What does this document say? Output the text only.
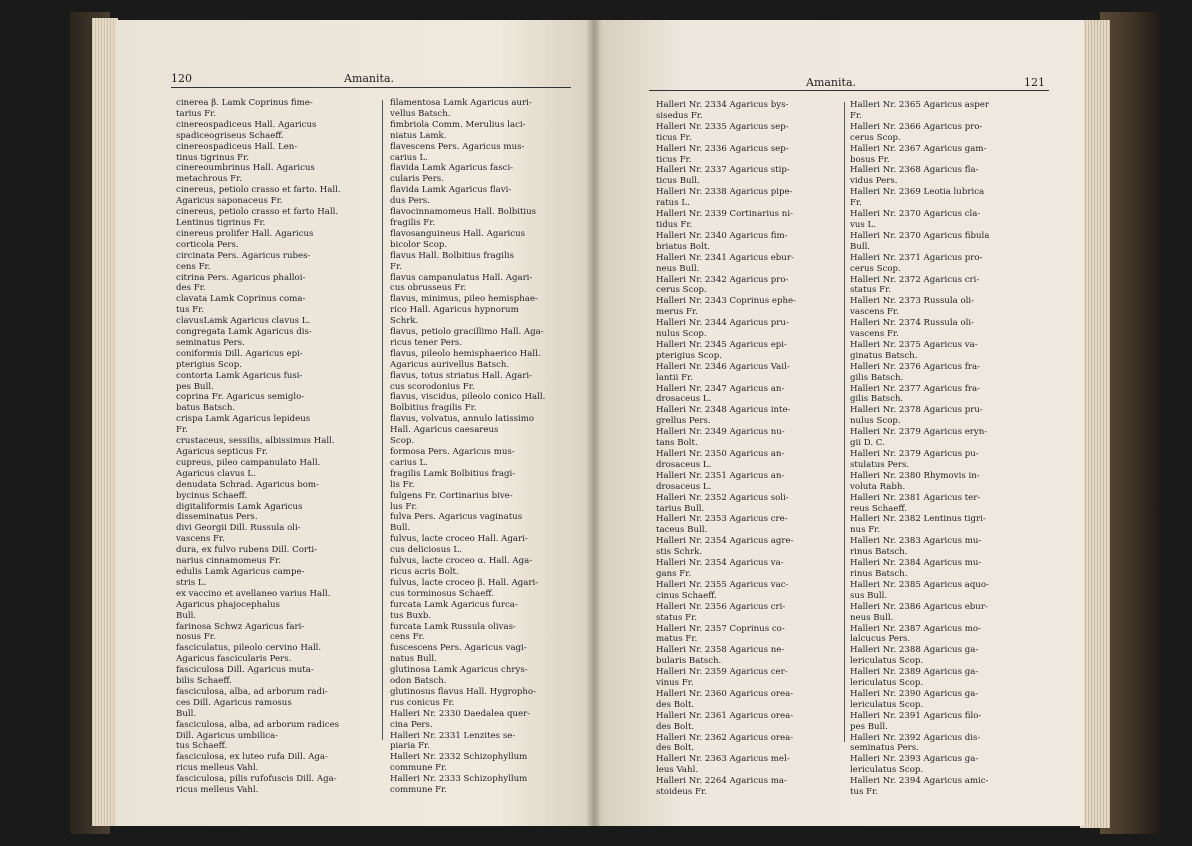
120	Amanita.
cinerea β. Lamk Coprinus fime-
tarius Fr.
cinereospadiceus Hall. Agaricus
spadiceogriseus Schaeff.
cinereospadiceus Hall. Len-
tinus tigrinus Fr.
cinereoumbrinus Hall. Agaricus
metachrous Fr.
cinereus, petiolo crasso et farto. Hall.
Agaricus saponaceus Fr.
cinereus, petiolo crasso et farto Hall.
Lentinus tigrinus Fr.
cinereus prolifer Hall. Agaricus
corticola Pers.
circinata Pers. Agaricus rubes-
cens Fr.
citrina Pers. Agaricus phalloi-
des Fr.
clavata Lamk Coprinus coma-
tus Fr.
clavusLamk Agaricus clavus L.
congregata Lamk Agaricus dis-
seminatus Pers.
coniformis Dill. Agaricus epi-
pterigius Scop.
contorta Lamk Agaricus fusi-
pes Bull.
coprina Fr. Agaricus semiglo-
batus Batsch.
crispa Lamk Agaricus lepideus
Fr.
crustaceus, sessilis, albissimus Hall.
Agaricus septicus Fr.
cupreus, pileo campanulato Hall.
Agaricus clavus L.
denudata Schrad. Agaricus bom-
bycinus Schaeff.
digitaliformis Lamk Agaricus
disseminatus Pers.
divi Georgii Dill. Russula oli-
vascens Fr.
dura, ex fulvo rubens Dill. Corti-
narius cinnamomeus Fr.
edulis Lamk Agaricus campe-
stris L.
ex vaccino et avellaneo varius Hall.
Agaricus phajocephalus
Bull.
farinosa Schwz Agaricus fari-
nosus Fr.
fasciculatus, pileolo cervino Hall.
Agaricus fascicularis Pers.
fasciculosa Dill. Agaricus muta-
bilis Schaeff.
fasciculosa, alba, ad arborum radi-
ces Dill. Agaricus ramosus
Bull.
fasciculosa, alba, ad arborum radices
Dill. Agaricus umbilica-
tus Schaeff.
fasciculosa, ex luteo rufa Dill. Aga-
ricus melleus Vahl.
fasciculosa, pilis rufofuscis Dill. Aga-
ricus melleus Vahl.
filamentosa Lamk Agaricus auri-
vellus Batsch.
fimbriola Comm. Merulius laci-
niatus Lamk.
flavescens Pers. Agaricus mus-
carius L.
flavida Lamk Agaricus fasci-
cularis Pers.
flavida Lamk Agaricus flavi-
dus Pers.
flavocinnamomeus Hall. Bolbitius
fragilis Fr.
flavosanguineus Hall. Agaricus
bicolor Scop.
flavus Hall. Bolbitius fragilis
Fr.
flavus campanulatus Hall. Agari-
cus obrusseus Fr.
flavus, minimus, pileo hemisphae-
rico Hall. Agaricus hypnorum
Schrk.
flavus, petiolo gracillimo Hall. Aga-
ricus tener Pers.
flavus, pileolo hemisphaerico Hall.
Agaricus aurivellus Batsch.
flavus, totus striatus Hall. Agari-
cus scorodonius Fr.
flavus, viscidus, pileolo conico Hall.
Bolbitius fragilis Fr.
flavus, volvatus, annulo latissimo
Hall. Agaricus caesareus
Scop.
formosa Pers. Agaricus mus-
carius L.
fragilis Lamk Bolbitius fragi-
lis Fr.
fulgens Fr. Cortinarius bive-
lus Fr.
fulva Pers. Agaricus vaginatus
Bull.
fulvus, lacte croceo Hall. Agari-
cus deliciosus L.
fulvus, lacte croceo α. Hall. Aga-
ricus acris Bolt.
fulvus, lacte croceo β. Hall. Agari-
cus torminosus Schaeff.
furcata Lamk Agaricus furca-
tus Buxb.
furcata Lamk Russula olivas-
cens Fr.
fuscescens Pers. Agaricus vagi-
natus Bull.
glutinosa Lamk Agaricus chrys-
odon Batsch.
glutinosus flavus Hall. Hygropho-
rus conicus Fr.
Halleri Nr. 2330 Daedalea quer-
cina Pers.
Halleri Nr. 2331 Lenzites se-
piaria Fr.
Halleri Nr. 2332 Schizophyllum
commune Fr.
Halleri Nr. 2333 Schizophyllum
commune Fr.
Amanita.	121
Halleri Nr. 2334 Agaricus bys-
sisedus Fr.
Halleri Nr. 2335 Agaricus sep-
ticus Fr.
Halleri Nr. 2336 Agaricus sep-
ticus Fr.
Halleri Nr. 2337 Agaricus stip-
ticus Bull.
Halleri Nr. 2338 Agaricus pipe-
ratus L.
Halleri Nr. 2339 Cortinarius ni-
tidus Fr.
Halleri Nr. 2340 Agaricus fim-
briatus Bolt.
Halleri Nr. 2341 Agaricus ebur-
neus Bull.
Halleri Nr. 2342 Agaricus pro-
cerus Scop.
Halleri Nr. 2343 Coprinus ephe-
merus Fr.
Halleri Nr. 2344 Agaricus pru-
nulus Scop.
Halleri Nr. 2345 Agaricus epi-
pterigius Scop.
Halleri Nr. 2346 Agaricus Vail-
lantii Fr.
Halleri Nr. 2347 Agaricus an-
drosaceus L.
Halleri Nr. 2348 Agaricus inte-
grellus Pers.
Halleri Nr. 2349 Agaricus nu-
tans Bolt.
Halleri Nr. 2350 Agaricus an-
drosaceus L.
Halleri Nr. 2351 Agaricus an-
drosaceus L.
Halleri Nr. 2352 Agaricus soli-
tarius Bull.
Halleri Nr. 2353 Agaricus cre-
taceus Bull.
Halleri Nr. 2354 Agaricus agre-
stis Schrk.
Halleri Nr. 2354 Agaricus va-
gans Fr.
Halleri Nr. 2355 Agaricus vac-
cinus Schaeff.
Halleri Nr. 2356 Agaricus cri-
status Fr.
Halleri Nr. 2357 Coprinus co-
matus Fr.
Halleri Nr. 2358 Agaricus ne-
bularis Batsch.
Halleri Nr. 2359 Agaricus cer-
vinus Fr.
Halleri Nr. 2360 Agaricus orea-
des Bolt.
Halleri Nr. 2361 Agaricus orea-
des Bolt.
Halleri Nr. 2362 Agaricus orea-
des Bolt.
Halleri Nr. 2363 Agaricus mel-
leus Vahl.
Halleri Nr. 2264 Agaricus ma-
stoideus Fr.
Halleri Nr. 2365 Agaricus asper
Fr.
Halleri Nr. 2366 Agaricus pro-
cerus Scop.
Halleri Nr. 2367 Agaricus gam-
bosus Fr.
Halleri Nr. 2368 Agaricus fla-
vidus Pers.
Halleri Nr. 2369 Leotia lubrica
Fr.
Halleri Nr. 2370 Agaricus cla-
vus L.
Halleri Nr. 2370 Agaricus fibula
Bull.
Halleri Nr. 2371 Agaricus pro-
cerus Scop.
Halleri Nr. 2372 Agaricus cri-
status Fr.
Halleri Nr. 2373 Russula oli-
vascens Fr.
Halleri Nr. 2374 Russula oli-
vascens Fr.
Halleri Nr. 2375 Agaricus va-
ginatus Batsch.
Halleri Nr. 2376 Agaricus fra-
gilis Batsch.
Halleri Nr. 2377 Agaricus fra-
gilis Batsch.
Halleri Nr. 2378 Agaricus pru-
nulus Scop.
Halleri Nr. 2379 Agaricus eryn-
gii D. C.
Halleri Nr. 2379 Agaricus pu-
stulatus Pers.
Halleri Nr. 2380 Rhymovis in-
voluta Rabh.
Halleri Nr. 2381 Agaricus ter-
reus Schaeff.
Halleri Nr. 2382 Lentinus tigri-
nus Fr.
Halleri Nr. 2383 Agaricus mu-
rinus Batsch.
Halleri Nr. 2384 Agaricus mu-
rinus Batsch.
Halleri Nr. 2385 Agaricus aquo-
sus Bull.
Halleri Nr. 2386 Agaricus ebur-
neus Bull.
Halleri Nr. 2387 Agaricus mo-
lalcucus Pers.
Halleri Nr. 2388 Agaricus ga-
lericulatus Scop.
Halleri Nr. 2389 Agaricus ga-
lericulatus Scop.
Halleri Nr. 2390 Agaricus ga-
lericulatus Scop.
Halleri Nr. 2391 Agaricus filo-
pes Bull.
Halleri Nr. 2392 Agaricus dis-
seminatus Pers.
Halleri Nr. 2393 Agaricus ga-
lericulatus Scop.
Halleri Nr. 2394 Agaricus amic-
tus Fr.
